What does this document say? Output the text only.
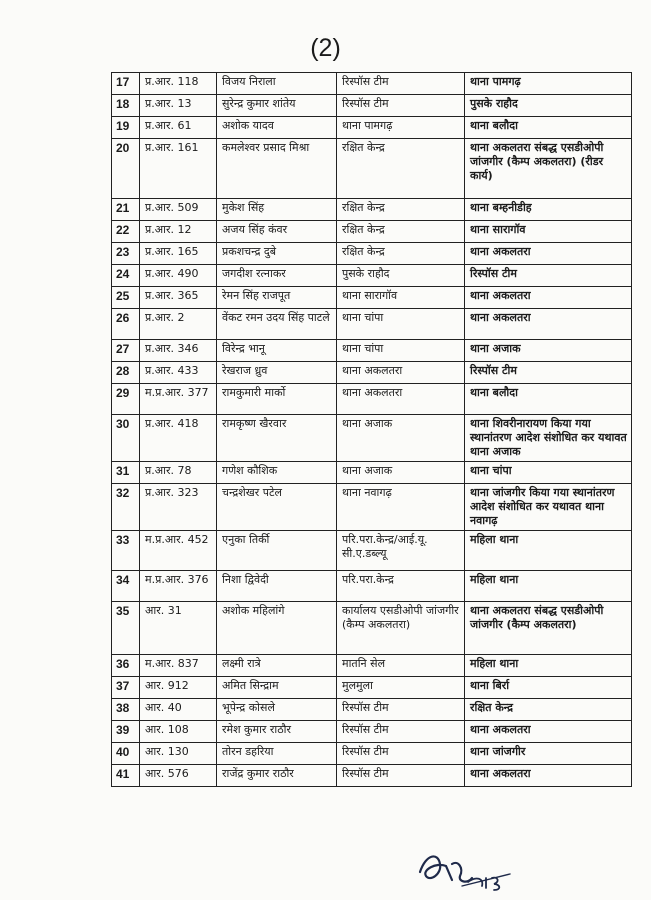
(2)
17	प्र.आर. 118	विजय निराला	रिस्पॉस टीम	थाना पामगढ़
18	प्र.आर. 13	सुरेन्द्र कुमार शांतेय	रिस्पॉस टीम	पुसके राहौद
19	प्र.आर. 61	अशोक यादव	थाना पामगढ़	थाना बलौदा
20	प्र.आर. 161	कमलेश्वर प्रसाद मिश्रा	रक्षित केन्द्र	थाना अकलतरा संबद्ध एसडीओपी जांजगीर (कैम्प अकलतरा) (रीडर कार्य)
21	प्र.आर. 509	मुकेश सिंह	रक्षित केन्द्र	थाना बम्हनीडीह
22	प्र.आर. 12	अजय सिंह कंवर	रक्षित केन्द्र	थाना सारागॉव
23	प्र.आर. 165	प्रकशचन्द्र दुबे	रक्षित केन्द्र	थाना अकलतरा
24	प्र.आर. 490	जगदीश रत्नाकर	पुसके राहौद	रिस्पॉस टीम
25	प्र.आर. 365	रेमन सिंह राजपूत	थाना सारागॉव	थाना अकलतरा
26	प्र.आर. 2	वेंकट रमन उदय सिंह पाटले	थाना चांपा	थाना अकलतरा
27	प्र.आर. 346	विरेन्द्र भानू	थाना चांपा	थाना अजाक
28	प्र.आर. 433	रेखराज ध्रुव	थाना अकलतरा	रिस्पॉस टीम
29	म.प्र.आर. 377	रामकुमारी मार्को	थाना अकलतरा	थाना बलौदा
30	प्र.आर. 418	रामकृष्ण खैरवार	थाना अजाक	थाना शिवरीनारायण किया गया स्थानांतरण आदेश संशोधित कर यथावत थाना अजाक
31	प्र.आर. 78	गणेश कौशिक	थाना अजाक	थाना चांपा
32	प्र.आर. 323	चन्द्रशेखर पटेल	थाना नवागढ़	थाना जांजगीर किया गया स्थानांतरण आदेश संशोधित कर यथावत थाना नवागढ़
33	म.प्र.आर. 452	एनुका तिर्की	परि.परा.केन्द्र/आई.यू. सी.ए.डब्ल्यू	महिला थाना
34	म.प्र.आर. 376	निशा द्विवेदी	परि.परा.केन्द्र	महिला थाना
35	आर. 31	अशोक महिलांगे	कार्यालय एसडीओपी जांजगीर (कैम्प अकलतरा)	थाना अकलतरा संबद्ध एसडीओपी जांजगीर (कैम्प अकलतरा)
36	म.आर. 837	लक्ष्मी रात्रे	मातनि सेल	महिला थाना
37	आर. 912	अमित सिन्द्राम	मुलमुला	थाना बिर्रा
38	आर. 40	भूपेन्द्र कोसले	रिस्पॉस टीम	रक्षित केन्द्र
39	आर. 108	रमेश कुमार राठौर	रिस्पॉस टीम	थाना अकलतरा
40	आर. 130	तोरन डहरिया	रिस्पॉस टीम	थाना जांजगीर
41	आर. 576	राजेंद्र कुमार राठौर	रिस्पॉस टीम	थाना अकलतरा
